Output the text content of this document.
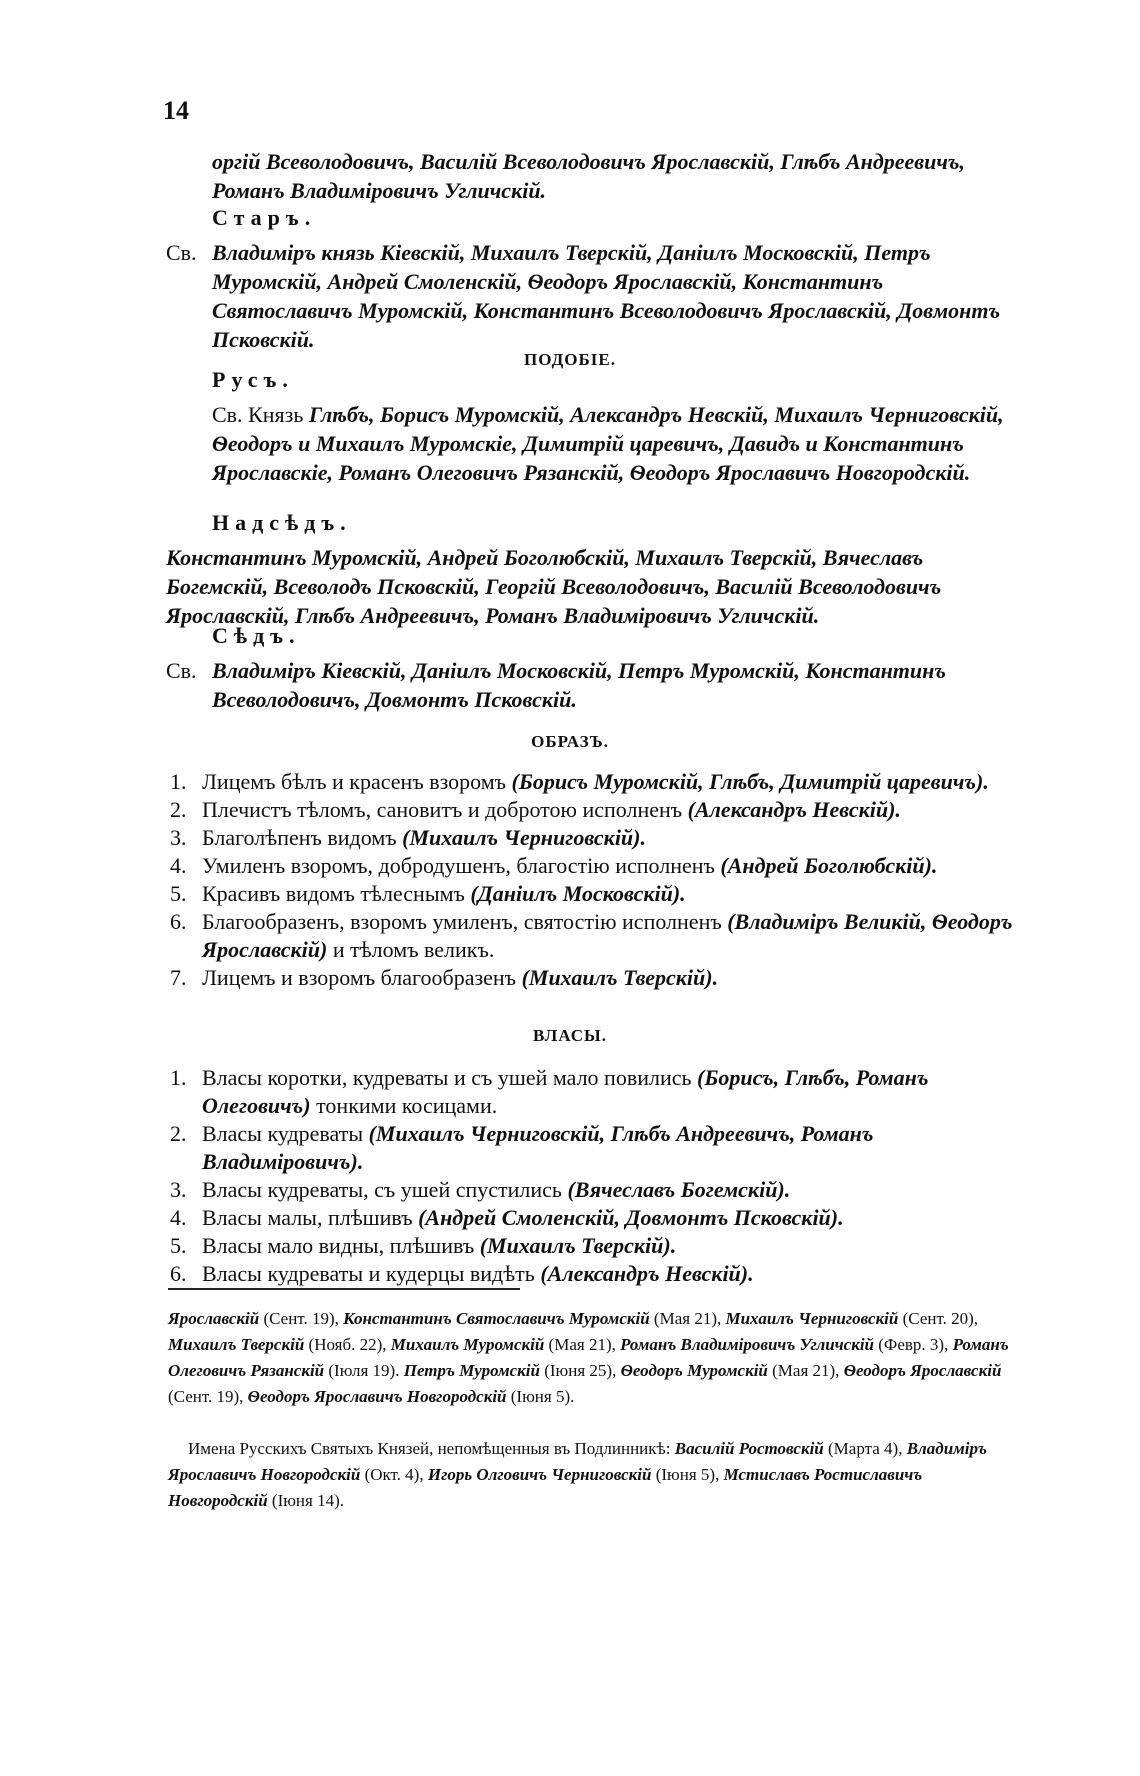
14
оргій Всеволодовичъ, Василій Всеволодовичъ Ярославскій, Глѣбъ Андреевичъ, Романъ Владиміровичъ Угличскій.
Старъ.
Св. Владиміръ князь Кіевскій, Михаилъ Тверскій, Даніилъ Московскій, Петръ Муромскій, Андрей Смоленскій, Ѳеодоръ Ярославскій, Константинъ Святославичъ Муромскій, Константинъ Всеволодовичъ Ярославскій, Довмонтъ Псковскій.
ПОДОБІЕ.
Русъ.
Св. Князь Глѣбъ, Борисъ Муромскій, Александръ Невскій, Михаилъ Черниговскій, Ѳеодоръ и Михаилъ Муромскіе, Димитрій царевичъ, Давидъ и Константинъ Ярославскіе, Романъ Олеговичъ Рязанскій, Ѳеодоръ Ярославичъ Новгородскій.
Надсѣдъ.
Константинъ Муромскій, Андрей Боголюбскій, Михаилъ Тверскій, Вячеславъ Богемскій, Всеволодъ Псковскій, Георгій Всеволодовичъ, Василій Всеволодовичъ Ярославскій, Глѣбъ Андреевичъ, Романъ Владиміровичъ Угличскій.
Сѣдъ.
Св. Владиміръ Кіевскій, Даніилъ Московскій, Петръ Муромскій, Константинъ Всеволодовичъ, Довмонтъ Псковскій.
ОБРАЗЪ.
1. Лицемъ бѣлъ и красенъ взоромъ (Борисъ Муромскій, Глѣбъ, Димитрій царевичъ).
2. Плечистъ тѣломъ, сановитъ и добротою исполненъ (Александръ Невскій).
3. Благолѣпенъ видомъ (Михаилъ Черниговскій).
4. Умиленъ взоромъ, добродушенъ, благостію исполненъ (Андрей Боголюбскій).
5. Красивъ видомъ тѣлеснымъ (Даніилъ Московскій).
6. Благообразенъ, взоромъ умиленъ, святостію исполненъ (Владиміръ Великій, Ѳеодоръ Ярославскій) и тѣломъ великъ.
7. Лицемъ и взоромъ благообразенъ (Михаилъ Тверскій).
ВЛАСЫ.
1. Власы коротки, кудреваты и съ ушей мало повились (Борисъ, Глѣбъ, Романъ Олеговичъ) тонкими косицами.
2. Власы кудреваты (Михаилъ Черниговскій, Глѣбъ Андреевичъ, Романъ Владиміровичъ).
3. Власы кудреваты, съ ушей спустились (Вячеславъ Богемскій).
4. Власы малы, плѣшивъ (Андрей Смоленскій, Довмонтъ Псковскій).
5. Власы мало видны, плѣшивъ (Михаилъ Тверскій).
6. Власы кудреваты и кудерцы видѣть (Александръ Невскій).
Ярославскій (Сент. 19), Константинъ Святославичъ Муромскій (Мая 21), Михаилъ Черниговскій (Сент. 20), Михаилъ Тверскій (Нояб. 22), Михаилъ Муромскій (Мая 21), Романъ Владиміровичъ Угличскій (Февр. 3), Романъ Олеговичъ Рязанскій (Іюля 19). Петръ Муромскій (Іюня 25), Ѳеодоръ Муромскій (Мая 21), Ѳеодоръ Ярославскій (Сент. 19), Ѳеодоръ Ярославичъ Новгородскій (Іюня 5).
Имена Русскихъ Святыхъ Князей, непомѣщенныя въ Подлинникѣ: Василій Ростовскій (Марта 4), Владиміръ Ярославичъ Новгородскій (Окт. 4), Игорь Олговичъ Черниговскій (Іюня 5), Мстиславъ Ростиславичъ Новгородскій (Іюня 14).
